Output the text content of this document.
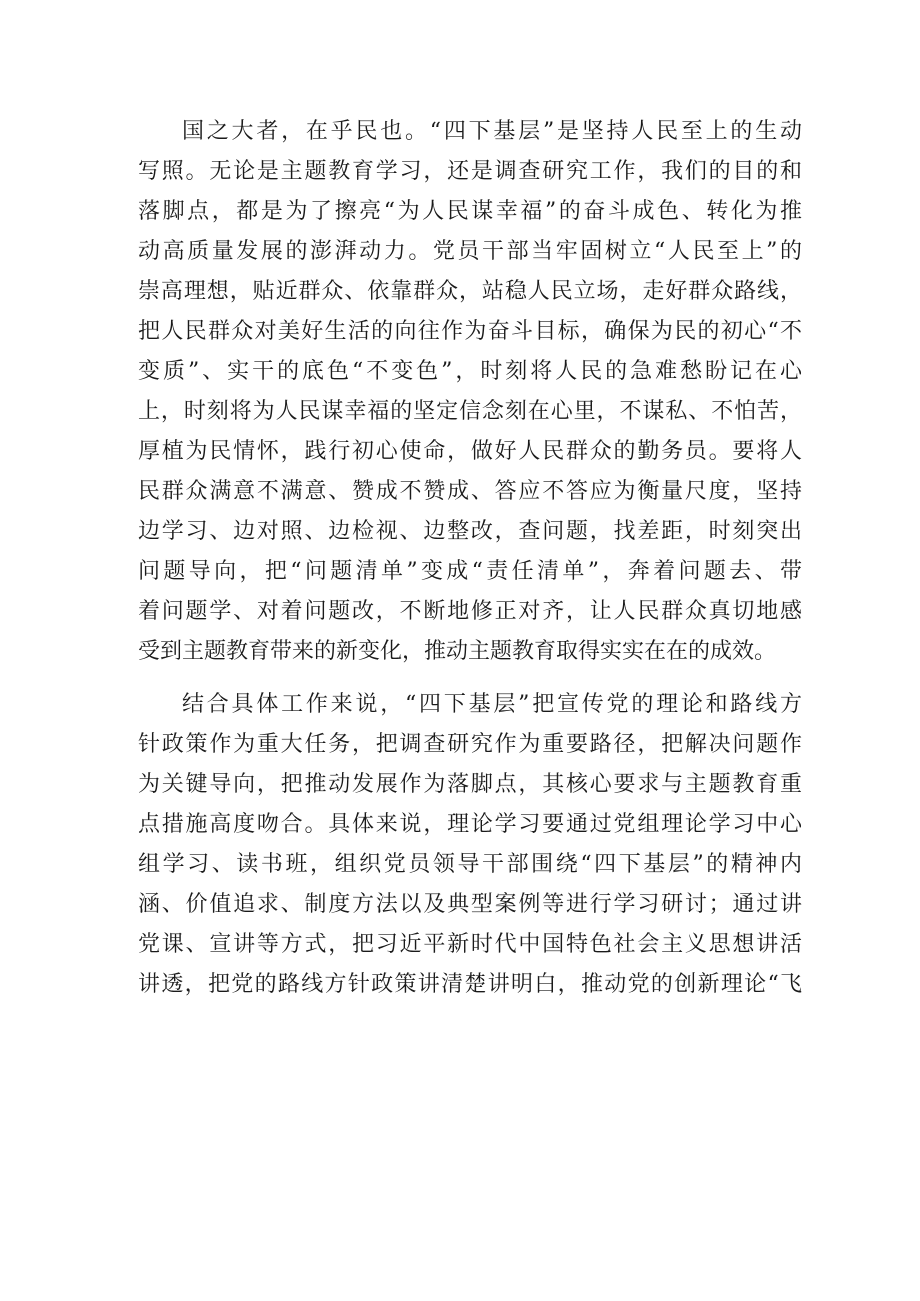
国之大者，在乎民也。“四下基层”是坚持人民至上的生动
写照。无论是主题教育学习，还是调查研究工作，我们的目的和
落脚点，都是为了擦亮“为人民谋幸福”的奋斗成色、转化为推
动高质量发展的澎湃动力。党员干部当牢固树立“人民至上”的
崇高理想，贴近群众、依靠群众，站稳人民立场，走好群众路线，
把人民群众对美好生活的向往作为奋斗目标，确保为民的初心“不
变质”、实干的底色“不变色”，时刻将人民的急难愁盼记在心
上，时刻将为人民谋幸福的坚定信念刻在心里，不谋私、不怕苦，
厚植为民情怀，践行初心使命，做好人民群众的勤务员。要将人
民群众满意不满意、赞成不赞成、答应不答应为衡量尺度，坚持
边学习、边对照、边检视、边整改，查问题，找差距，时刻突出
问题导向，把“问题清单”变成“责任清单”，奔着问题去、带
着问题学、对着问题改，不断地修正对齐，让人民群众真切地感
受到主题教育带来的新变化，推动主题教育取得实实在在的成效。
结合具体工作来说，“四下基层”把宣传党的理论和路线方
针政策作为重大任务，把调查研究作为重要路径，把解决问题作
为关键导向，把推动发展作为落脚点，其核心要求与主题教育重
点措施高度吻合。具体来说，理论学习要通过党组理论学习中心
组学习、读书班，组织党员领导干部围绕“四下基层”的精神内
涵、价值追求、制度方法以及典型案例等进行学习研讨；通过讲
党课、宣讲等方式，把习近平新时代中国特色社会主义思想讲活
讲透，把党的路线方针政策讲清楚讲明白，推动党的创新理论“飞
